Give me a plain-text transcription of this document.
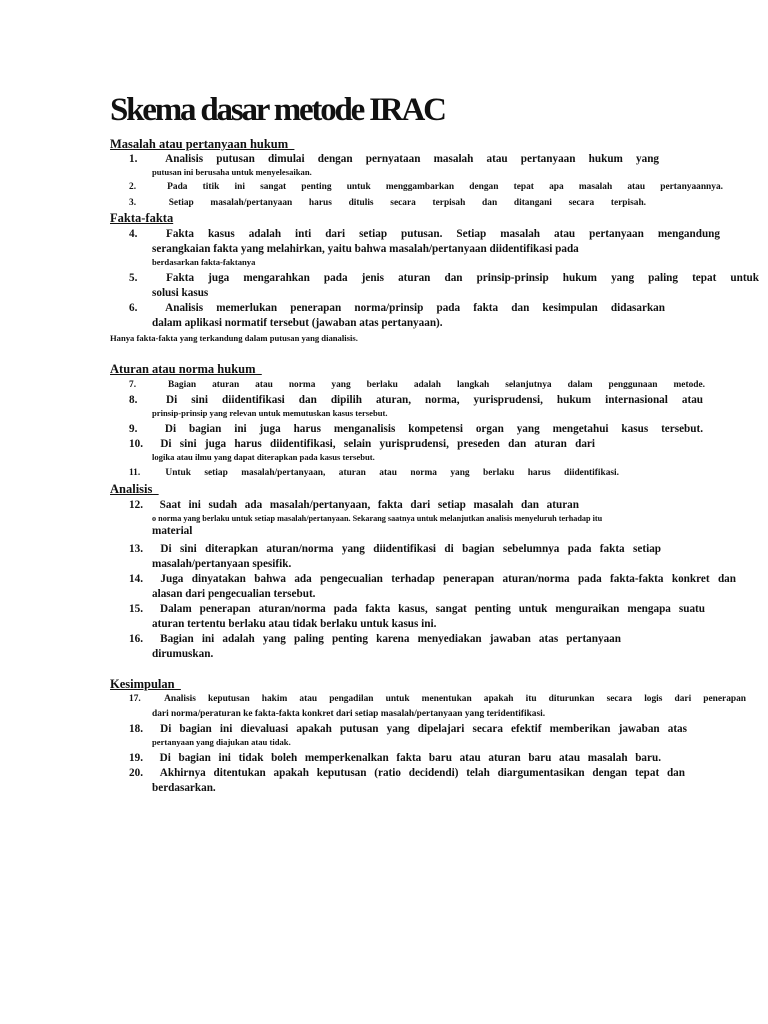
Skema dasar metode IRAC
Masalah atau pertanyaan hukum
1. Analisis putusan dimulai dengan pernyataan masalah atau pertanyaan hukum yang
putusan ini berusaha untuk menyelesaikan.
2.	Pada titik ini sangat penting untuk menggambarkan dengan tepat apa masalah atau pertanyaannya.
3.	Setiap masalah/pertanyaan harus ditulis secara terpisah dan ditangani secara terpisah.
Fakta-fakta
4.	Fakta kasus adalah inti dari setiap putusan. Setiap masalah atau pertanyaan mengandung
serangkaian fakta yang melahirkan, yaitu bahwa masalah/pertanyaan diidentifikasi pada
berdasarkan fakta-faktanya
5.	Fakta juga mengarahkan pada jenis aturan dan prinsip-prinsip hukum yang paling tepat untuk
solusi kasus
6. Analisis memerlukan penerapan norma/prinsip pada fakta dan kesimpulan didasarkan
dalam aplikasi normatif tersebut (jawaban atas pertanyaan).
Hanya fakta-fakta yang terkandung dalam putusan yang dianalisis.
Aturan atau norma hukum
7.	Bagian aturan atau norma yang berlaku adalah langkah selanjutnya dalam penggunaan metode.
8.	Di sini diidentifikasi dan dipilih aturan, norma, yurisprudensi, hukum internasional atau
prinsip-prinsip yang relevan untuk memutuskan kasus tersebut.
9. Di bagian ini juga harus menganalisis kompetensi organ yang mengetahui kasus tersebut.
10. Di sini juga harus diidentifikasi, selain yurisprudensi, preseden dan aturan dari
logika atau ilmu yang dapat diterapkan pada kasus tersebut.
11.	Untuk setiap masalah/pertanyaan, aturan atau norma yang berlaku harus diidentifikasi.
Analisis
12. Saat ini sudah ada masalah/pertanyaan, fakta dari setiap masalah dan aturan
o norma yang berlaku untuk setiap masalah/pertanyaan. Sekarang saatnya untuk melanjutkan analisis menyeluruh terhadap itu
material
13. Di sini diterapkan aturan/norma yang diidentifikasi di bagian sebelumnya pada fakta setiap
masalah/pertanyaan spesifik.
14. Juga dinyatakan bahwa ada pengecualian terhadap penerapan aturan/norma pada fakta-fakta konkret dan
alasan dari pengecualian tersebut.
15. Dalam penerapan aturan/norma pada fakta kasus, sangat penting untuk menguraikan mengapa suatu
aturan tertentu berlaku atau tidak berlaku untuk kasus ini.
16. Bagian ini adalah yang paling penting karena menyediakan jawaban atas pertanyaan
dirumuskan.
Kesimpulan
17. Analisis keputusan hakim atau pengadilan untuk menentukan apakah itu diturunkan secara logis dari penerapan
dari norma/peraturan ke fakta-fakta konkret dari setiap masalah/pertanyaan yang teridentifikasi.
18. Di bagian ini dievaluasi apakah putusan yang dipelajari secara efektif memberikan jawaban atas
pertanyaan yang diajukan atau tidak.
19. Di bagian ini tidak boleh memperkenalkan fakta baru atau aturan baru atau masalah baru.
20. Akhirnya ditentukan apakah keputusan (ratio decidendi) telah diargumentasikan dengan tepat dan
berdasarkan.
